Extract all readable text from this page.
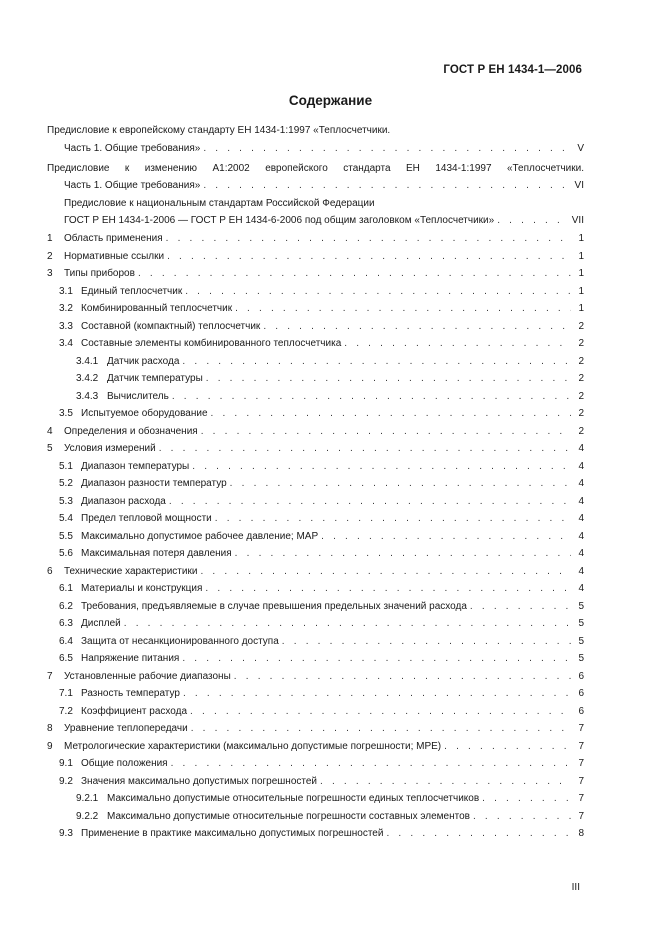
ГОСТ Р ЕН 1434-1—2006
Содержание
Предисловие к европейскому стандарту ЕН 1434-1:1997 «Теплосчетчики.
Часть 1. Общие требования» . . .	V
Предисловие к изменению А1:2002 европейского стандарта ЕН 1434-1:1997 «Теплосчетчики.
Часть 1. Общие требования» . . .	VI
Предисловие к национальным стандартам Российской Федерации
ГОСТ Р ЕН 1434-1-2006 — ГОСТ Р ЕН 1434-6-2006 под общим заголовком «Теплосчетчики» . . .	VII
1	Область применения . . .	1
2	Нормативные ссылки . . .	1
3	Типы приборов . . .	1
3.1 Единый теплосчетчик . . .	1
3.2 Комбинированный теплосчетчик . . .	1
3.3 Составной (компактный) теплосчетчик . . .	2
3.4 Составные элементы комбинированного теплосчетчика . . .	2
3.4.1 Датчик расхода . . .	2
3.4.2 Датчик температуры . . .	2
3.4.3 Вычислитель . . .	2
3.5 Испытуемое оборудование . . .	2
4	Определения и обозначения . . .	2
5	Условия измерений . . .	4
5.1 Диапазон температуры . . .	4
5.2 Диапазон разности температур . . .	4
5.3 Диапазон расхода . . .	4
5.4 Предел тепловой мощности . . .	4
5.5 Максимально допустимое рабочее давление; МАР . . .	4
5.6 Максимальная потеря давления . . .	4
6	Технические характеристики . . .	4
6.1 Материалы и конструкция . . .	4
6.2 Требования, предъявляемые в случае превышения предельных значений расхода . . .	5
6.3 Дисплей . . .	5
6.4 Защита от несанкционированного доступа . . .	5
6.5 Напряжение питания . . .	5
7	Установленные рабочие диапазоны . . .	6
7.1 Разность температур . . .	6
7.2 Коэффициент расхода . . .	6
8	Уравнение теплопередачи . . .	7
9	Метрологические характеристики (максимально допустимые погрешности; МРЕ) . . .	7
9.1 Общие положения . . .	7
9.2 Значения максимально допустимых погрешностей . . .	7
9.2.1 Максимально допустимые относительные погрешности единых теплосчетчиков . . .	7
9.2.2 Максимально допустимые относительные погрешности составных элементов . . .	7
9.3 Применение в практике максимально допустимых погрешностей . . .	8
III
